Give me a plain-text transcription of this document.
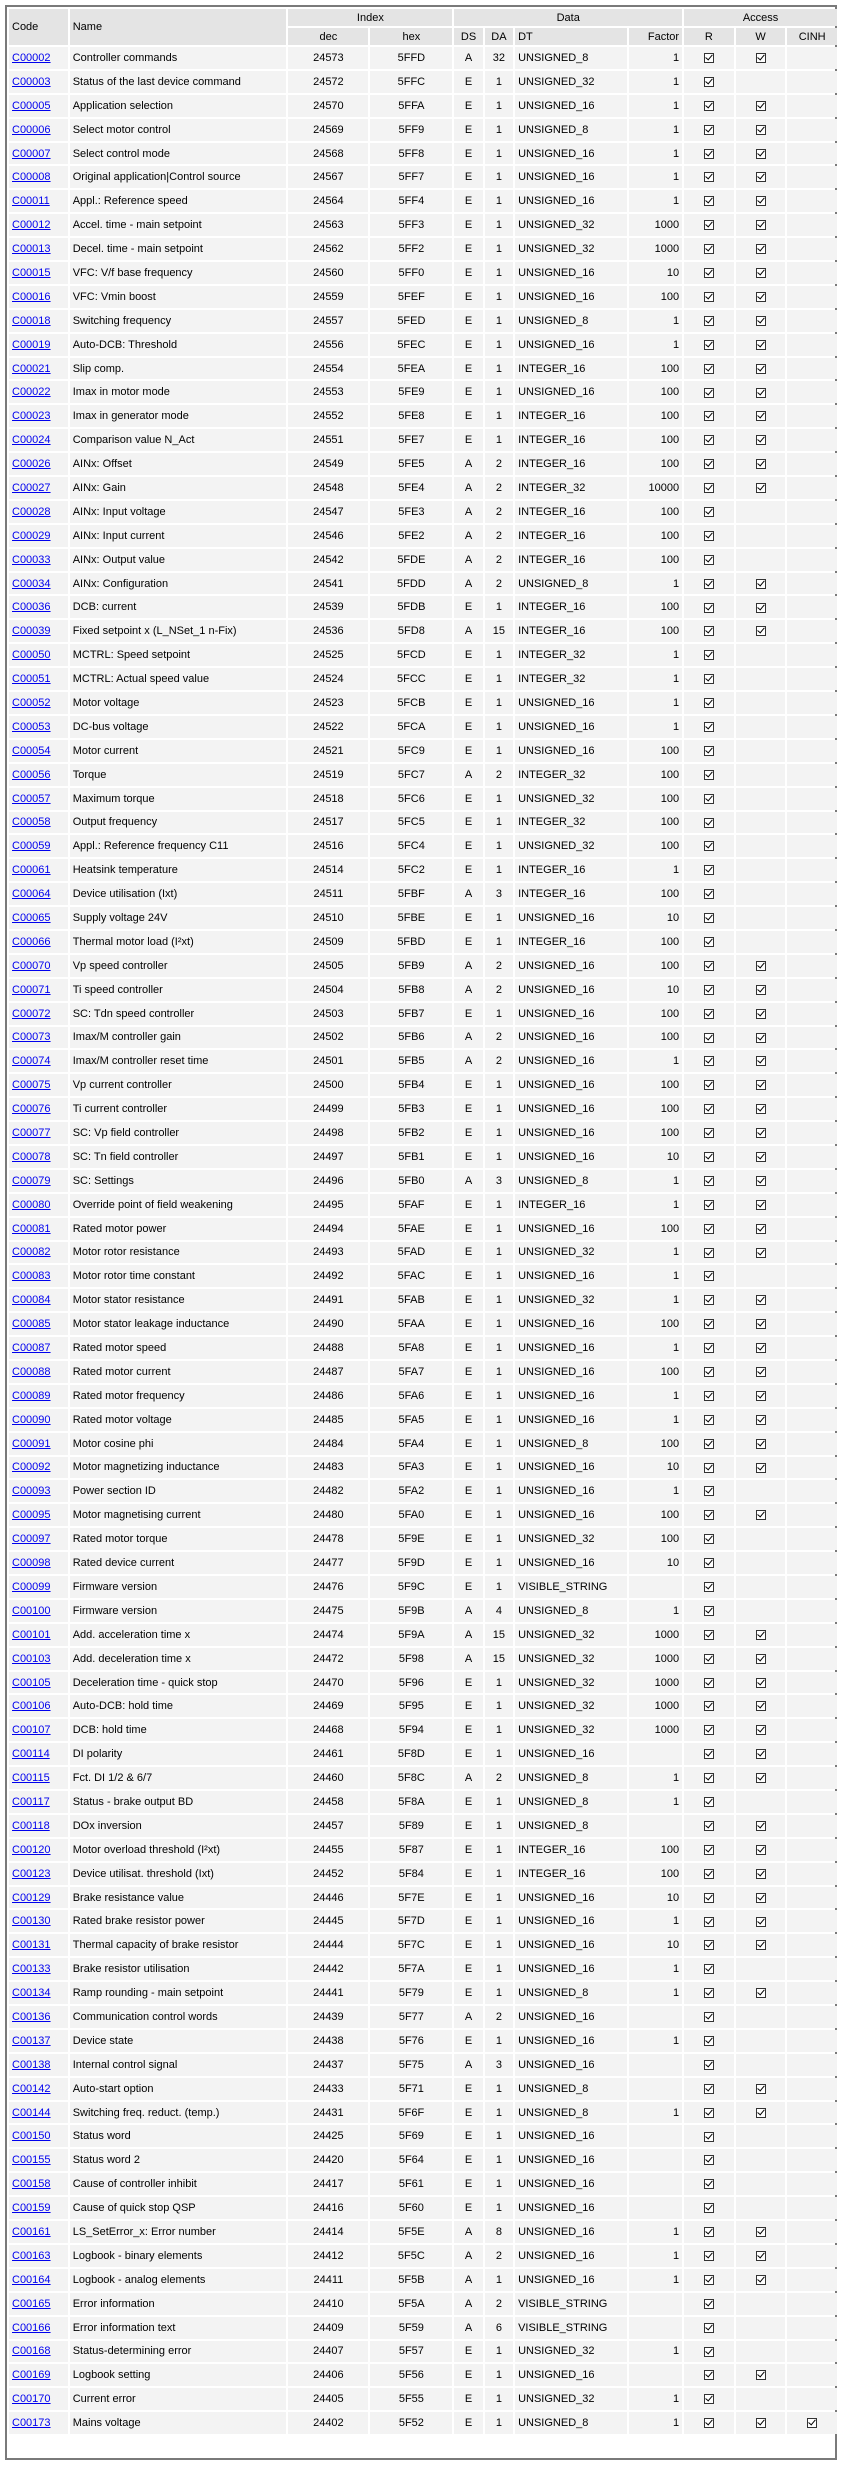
Code	Name	Index		Data				Access		
		dec	hex	DS	DA	DT	Factor	R	W	CINH
C00002	Controller commands	24573	5FFD	A	32	UNSIGNED_8	1			
C00003	Status of the last device command	24572	5FFC	E	1	UNSIGNED_32	1			
C00005	Application selection	24570	5FFA	E	1	UNSIGNED_16	1			
C00006	Select motor control	24569	5FF9	E	1	UNSIGNED_8	1			
C00007	Select control mode	24568	5FF8	E	1	UNSIGNED_16	1			
C00008	Original application|Control source	24567	5FF7	E	1	UNSIGNED_16	1			
C00011	Appl.: Reference speed	24564	5FF4	E	1	UNSIGNED_16	1			
C00012	Accel. time - main setpoint	24563	5FF3	E	1	UNSIGNED_32	1000			
C00013	Decel. time - main setpoint	24562	5FF2	E	1	UNSIGNED_32	1000			
C00015	VFC: V/f base frequency	24560	5FF0	E	1	UNSIGNED_16	10			
C00016	VFC: Vmin boost	24559	5FEF	E	1	UNSIGNED_16	100			
C00018	Switching frequency	24557	5FED	E	1	UNSIGNED_8	1			
C00019	Auto-DCB: Threshold	24556	5FEC	E	1	UNSIGNED_16	1			
C00021	Slip comp.	24554	5FEA	E	1	INTEGER_16	100			
C00022	Imax in motor mode	24553	5FE9	E	1	UNSIGNED_16	100			
C00023	Imax in generator mode	24552	5FE8	E	1	INTEGER_16	100			
C00024	Comparison value N_Act	24551	5FE7	E	1	INTEGER_16	100			
C00026	AINx: Offset	24549	5FE5	A	2	INTEGER_16	100			
C00027	AINx: Gain	24548	5FE4	A	2	INTEGER_32	10000			
C00028	AINx: Input voltage	24547	5FE3	A	2	INTEGER_16	100			
C00029	AINx: Input current	24546	5FE2	A	2	INTEGER_16	100			
C00033	AINx: Output value	24542	5FDE	A	2	INTEGER_16	100			
C00034	AINx: Configuration	24541	5FDD	A	2	UNSIGNED_8	1			
C00036	DCB: current	24539	5FDB	E	1	INTEGER_16	100			
C00039	Fixed setpoint x (L_NSet_1 n-Fix)	24536	5FD8	A	15	INTEGER_16	100			
C00050	MCTRL: Speed setpoint	24525	5FCD	E	1	INTEGER_32	1			
C00051	MCTRL: Actual speed value	24524	5FCC	E	1	INTEGER_32	1			
C00052	Motor voltage	24523	5FCB	E	1	UNSIGNED_16	1			
C00053	DC-bus voltage	24522	5FCA	E	1	UNSIGNED_16	1			
C00054	Motor current	24521	5FC9	E	1	UNSIGNED_16	100			
C00056	Torque	24519	5FC7	A	2	INTEGER_32	100			
C00057	Maximum torque	24518	5FC6	E	1	UNSIGNED_32	100			
C00058	Output frequency	24517	5FC5	E	1	INTEGER_32	100			
C00059	Appl.: Reference frequency C11	24516	5FC4	E	1	UNSIGNED_32	100			
C00061	Heatsink temperature	24514	5FC2	E	1	INTEGER_16	1			
C00064	Device utilisation (Ixt)	24511	5FBF	A	3	INTEGER_16	100			
C00065	Supply voltage 24V	24510	5FBE	E	1	UNSIGNED_16	10			
C00066	Thermal motor load (I²xt)	24509	5FBD	E	1	INTEGER_16	100			
C00070	Vp speed controller	24505	5FB9	A	2	UNSIGNED_16	100			
C00071	Ti speed controller	24504	5FB8	A	2	UNSIGNED_16	10			
C00072	SC: Tdn speed controller	24503	5FB7	E	1	UNSIGNED_16	100			
C00073	Imax/M controller gain	24502	5FB6	A	2	UNSIGNED_16	100			
C00074	Imax/M controller reset time	24501	5FB5	A	2	UNSIGNED_16	1			
C00075	Vp current controller	24500	5FB4	E	1	UNSIGNED_16	100			
C00076	Ti current controller	24499	5FB3	E	1	UNSIGNED_16	100			
C00077	SC: Vp field controller	24498	5FB2	E	1	UNSIGNED_16	100			
C00078	SC: Tn field controller	24497	5FB1	E	1	UNSIGNED_16	10			
C00079	SC: Settings	24496	5FB0	A	3	UNSIGNED_8	1			
C00080	Override point of field weakening	24495	5FAF	E	1	INTEGER_16	1			
C00081	Rated motor power	24494	5FAE	E	1	UNSIGNED_16	100			
C00082	Motor rotor resistance	24493	5FAD	E	1	UNSIGNED_32	1			
C00083	Motor rotor time constant	24492	5FAC	E	1	UNSIGNED_16	1			
C00084	Motor stator resistance	24491	5FAB	E	1	UNSIGNED_32	1			
C00085	Motor stator leakage inductance	24490	5FAA	E	1	UNSIGNED_16	100			
C00087	Rated motor speed	24488	5FA8	E	1	UNSIGNED_16	1			
C00088	Rated motor current	24487	5FA7	E	1	UNSIGNED_16	100			
C00089	Rated motor frequency	24486	5FA6	E	1	UNSIGNED_16	1			
C00090	Rated motor voltage	24485	5FA5	E	1	UNSIGNED_16	1			
C00091	Motor cosine phi	24484	5FA4	E	1	UNSIGNED_8	100			
C00092	Motor magnetizing inductance	24483	5FA3	E	1	UNSIGNED_16	10			
C00093	Power section ID	24482	5FA2	E	1	UNSIGNED_16	1			
C00095	Motor magnetising current	24480	5FA0	E	1	UNSIGNED_16	100			
C00097	Rated motor torque	24478	5F9E	E	1	UNSIGNED_32	100			
C00098	Rated device current	24477	5F9D	E	1	UNSIGNED_16	10			
C00099	Firmware version	24476	5F9C	E	1	VISIBLE_STRING				
C00100	Firmware version	24475	5F9B	A	4	UNSIGNED_8	1			
C00101	Add. acceleration time x	24474	5F9A	A	15	UNSIGNED_32	1000			
C00103	Add. deceleration time x	24472	5F98	A	15	UNSIGNED_32	1000			
C00105	Deceleration time - quick stop	24470	5F96	E	1	UNSIGNED_32	1000			
C00106	Auto-DCB: hold time	24469	5F95	E	1	UNSIGNED_32	1000			
C00107	DCB: hold time	24468	5F94	E	1	UNSIGNED_32	1000			
C00114	DI polarity	24461	5F8D	E	1	UNSIGNED_16				
C00115	Fct. DI 1/2 & 6/7	24460	5F8C	A	2	UNSIGNED_8	1			
C00117	Status - brake output BD	24458	5F8A	E	1	UNSIGNED_8	1			
C00118	DOx inversion	24457	5F89	E	1	UNSIGNED_8				
C00120	Motor overload threshold (I²xt)	24455	5F87	E	1	INTEGER_16	100			
C00123	Device utilisat. threshold (Ixt)	24452	5F84	E	1	INTEGER_16	100			
C00129	Brake resistance value	24446	5F7E	E	1	UNSIGNED_16	10			
C00130	Rated brake resistor power	24445	5F7D	E	1	UNSIGNED_16	1			
C00131	Thermal capacity of brake resistor	24444	5F7C	E	1	UNSIGNED_16	10			
C00133	Brake resistor utilisation	24442	5F7A	E	1	UNSIGNED_16	1			
C00134	Ramp rounding - main setpoint	24441	5F79	E	1	UNSIGNED_8	1			
C00136	Communication control words	24439	5F77	A	2	UNSIGNED_16				
C00137	Device state	24438	5F76	E	1	UNSIGNED_16	1			
C00138	Internal control signal	24437	5F75	A	3	UNSIGNED_16				
C00142	Auto-start option	24433	5F71	E	1	UNSIGNED_8				
C00144	Switching freq. reduct. (temp.)	24431	5F6F	E	1	UNSIGNED_8	1			
C00150	Status word	24425	5F69	E	1	UNSIGNED_16				
C00155	Status word 2	24420	5F64	E	1	UNSIGNED_16				
C00158	Cause of controller inhibit	24417	5F61	E	1	UNSIGNED_16				
C00159	Cause of quick stop QSP	24416	5F60	E	1	UNSIGNED_16				
C00161	LS_SetError_x: Error number	24414	5F5E	A	8	UNSIGNED_16	1			
C00163	Logbook - binary elements	24412	5F5C	A	2	UNSIGNED_16	1			
C00164	Logbook - analog elements	24411	5F5B	A	1	UNSIGNED_16	1			
C00165	Error information	24410	5F5A	A	2	VISIBLE_STRING				
C00166	Error information text	24409	5F59	A	6	VISIBLE_STRING				
C00168	Status-determining error	24407	5F57	E	1	UNSIGNED_32	1			
C00169	Logbook setting	24406	5F56	E	1	UNSIGNED_16				
C00170	Current error	24405	5F55	E	1	UNSIGNED_32	1			
C00173	Mains voltage	24402	5F52	E	1	UNSIGNED_8	1			
